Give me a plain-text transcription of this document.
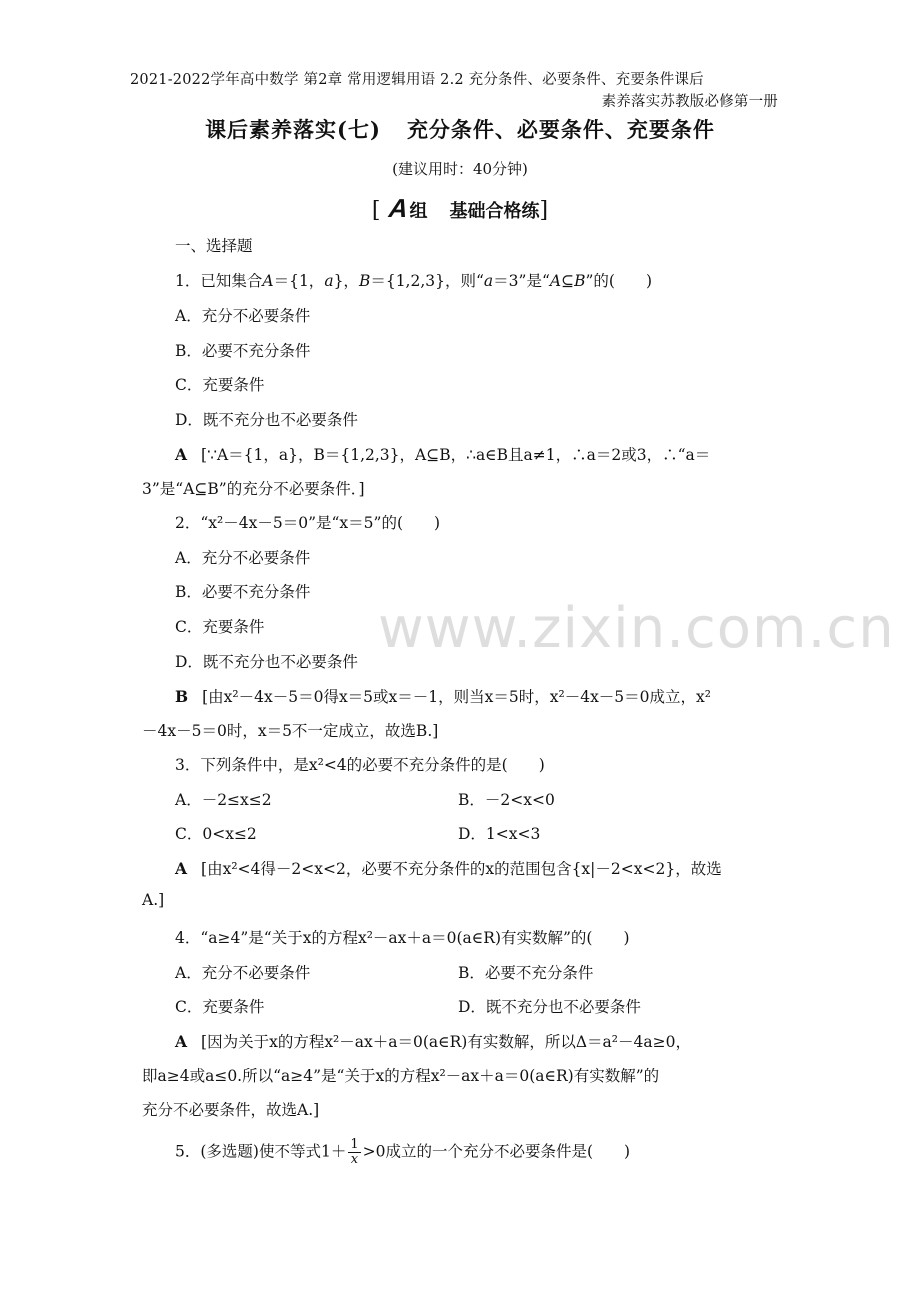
2021-2022学年高中数学 第2章 常用逻辑用语 2.2 充分条件、必要条件、充要条件课后
素养落实苏教版必修第一册
课后素养落实(七) 充分条件、必要条件、充要条件
(建议用时：40分钟)
[ A组 基础合格练]
一、选择题
1．已知集合A＝{1，a}，B＝{1,2,3}，则“a＝3”是“A⊆B”的(　　)
A．充分不必要条件
B．必要不充分条件
C．充要条件
D．既不充分也不必要条件
A [∵A＝{1，a}，B＝{1,2,3}，A⊆B，∴a∈B且a≠1，∴a＝2或3，∴“a＝
3”是“A⊆B”的充分不必要条件．]
2．“x²－4x－5＝0”是“x＝5”的(　　)
A．充分不必要条件
B．必要不充分条件
C．充要条件
D．既不充分也不必要条件
B [由x²－4x－5＝0得x＝5或x＝－1，则当x＝5时，x²－4x－5＝0成立，x²
－4x－5＝0时，x＝5不一定成立，故选B.]
3．下列条件中，是x²<4的必要不充分条件的是(　　)
A．－2≤x≤2	B．－2<x<0
C．0<x≤2	D．1<x<3
A [由x²<4得－2<x<2，必要不充分条件的x的范围包含{x|－2<x<2}，故选
A.]
4．“a≥4”是“关于x的方程x²－ax＋a＝0(a∈R)有实数解”的(　　)
A．充分不必要条件	B．必要不充分条件
C．充要条件	D．既不充分也不必要条件
A [因为关于x的方程x²－ax＋a＝0(a∈R)有实数解，所以Δ＝a²－4a≥0，
即a≥4或a≤0.所以“a≥4”是“关于x的方程x²－ax＋a＝0(a∈R)有实数解”的
充分不必要条件，故选A.]
5．(多选题)使不等式$1+ \frac{1}{x} >0$成立的一个充分不必要条件是(　　)
www.zixin.com.cn
